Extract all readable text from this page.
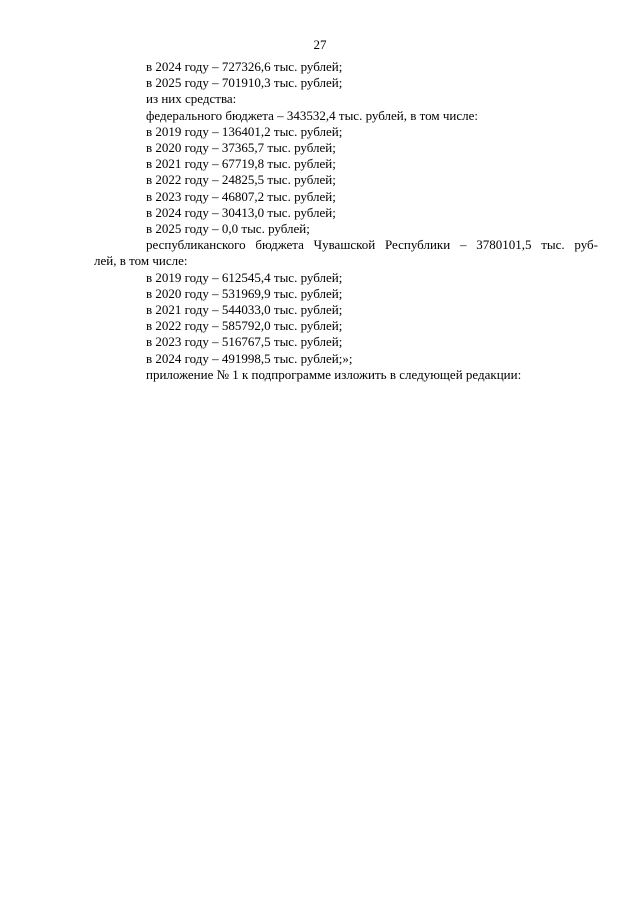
27
в 2024 году – 727326,6 тыс. рублей;
в 2025 году – 701910,3 тыс. рублей;
из них средства:
федерального бюджета – 343532,4 тыс. рублей, в том числе:
в 2019 году – 136401,2 тыс. рублей;
в 2020 году – 37365,7 тыс. рублей;
в 2021 году – 67719,8 тыс. рублей;
в 2022 году – 24825,5 тыс. рублей;
в 2023 году – 46807,2 тыс. рублей;
в 2024 году – 30413,0 тыс. рублей;
в 2025 году – 0,0 тыс. рублей;
республиканского бюджета Чувашской Республики – 3780101,5 тыс. руб-
лей, в том числе:
в 2019 году – 612545,4 тыс. рублей;
в 2020 году – 531969,9 тыс. рублей;
в 2021 году – 544033,0 тыс. рублей;
в 2022 году – 585792,0 тыс. рублей;
в 2023 году – 516767,5 тыс. рублей;
в 2024 году – 491998,5 тыс. рублей;»;
приложение № 1 к подпрограмме изложить в следующей редакции:
